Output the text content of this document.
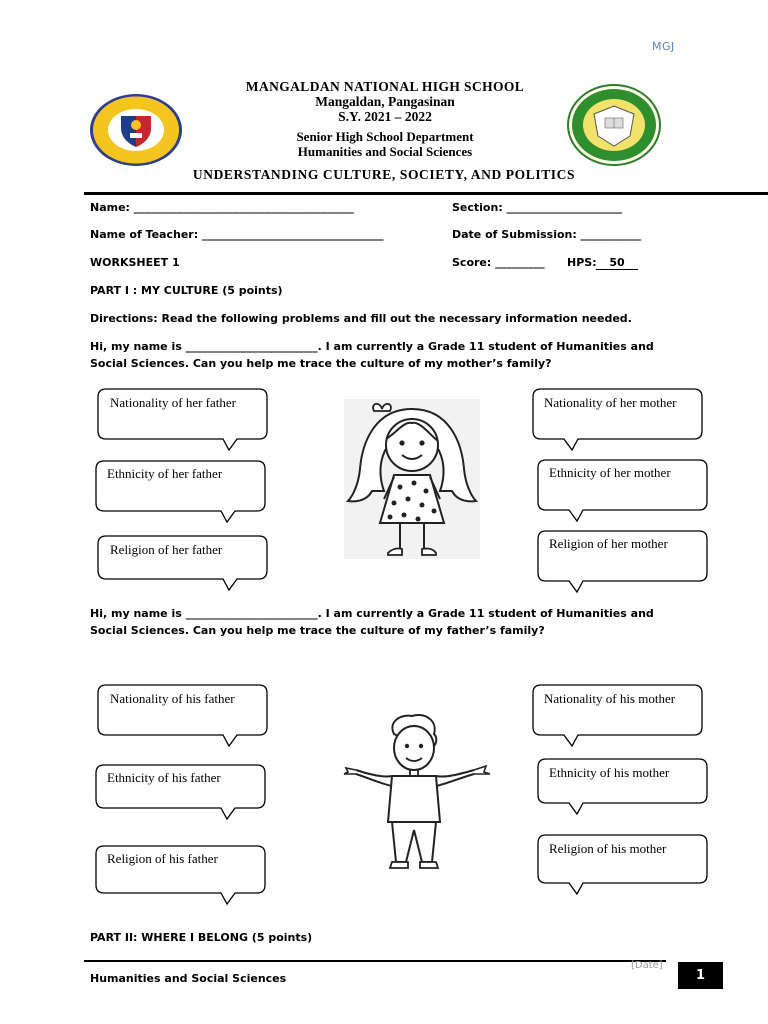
MGJ
MANGALDAN NATIONAL HIGH SCHOOL
Mangaldan, Pangasinan
S.Y. 2021 – 2022
Senior High School Department
Humanities and Social Sciences
UNDERSTANDING CULTURE, SOCIETY, AND POLITICS
Name: ________________________________________	Section: _____________________
Name of Teacher: _________________________________	Date of Submission: ___________
WORKSHEET 1	Score: _________ HPS:	50
PART I : MY CULTURE (5 points)
Directions: Read the following problems and fill out the necessary information needed.
Hi, my name is ________________________. I am currently a Grade 11 student of Humanities and Social Sciences. Can you help me trace the culture of my mother’s family?
Nationality of her father
Ethnicity of her father
Religion of her father
Nationality of her mother
Ethnicity of her mother
Religion of her mother
Hi, my name is ________________________. I am currently a Grade 11 student of Humanities and Social Sciences. Can you help me trace the culture of my father’s family?
Nationality of his father
Ethnicity of his father
Religion of his father
Nationality of his mother
Ethnicity of his mother
Religion of his mother
PART II: WHERE I BELONG (5 points)
Humanities and Social Sciences
[Date]
1
